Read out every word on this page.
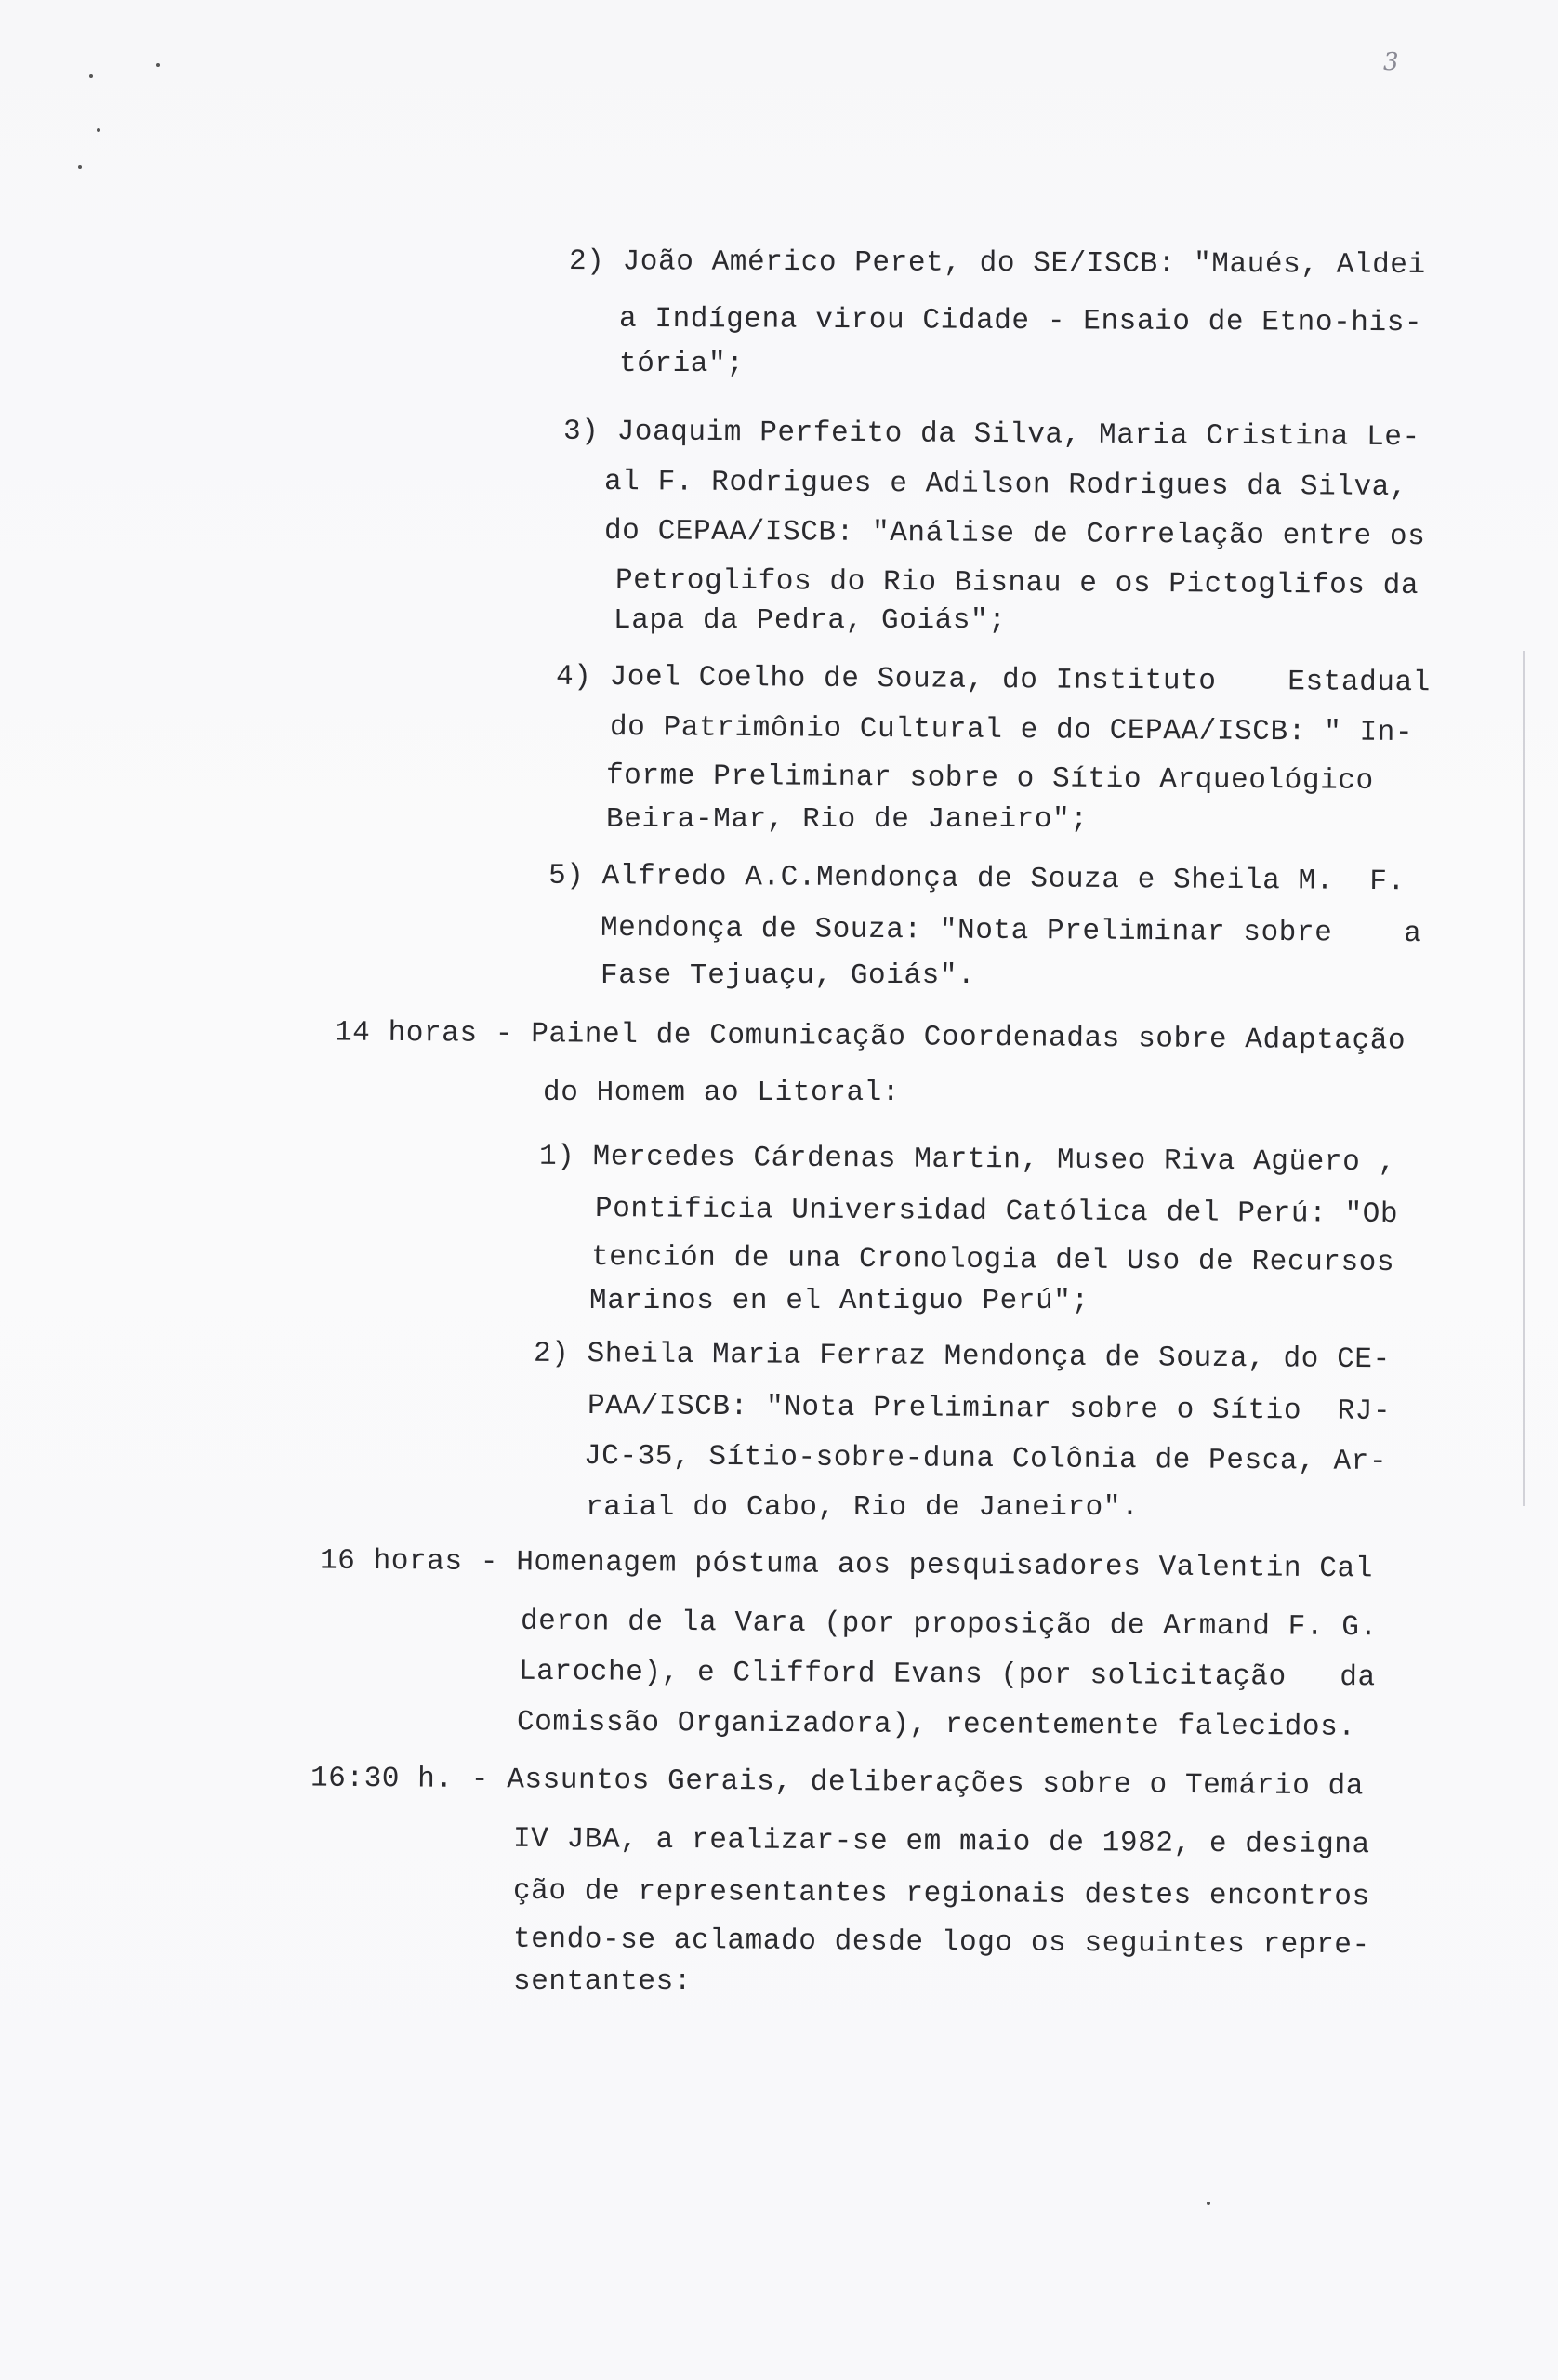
3
2) João Américo Peret, do SE/ISCB: "Maués, Aldei
a Indígena virou Cidade - Ensaio de Etno-his-
tória";
3) Joaquim Perfeito da Silva, Maria Cristina Le-
al F. Rodrigues e Adilson Rodrigues da Silva,
do CEPAA/ISCB: "Análise de Correlação entre os
Petroglifos do Rio Bisnau e os Pictoglifos da
Lapa da Pedra, Goiás";
4) Joel Coelho de Souza, do Instituto    Estadual
do Patrimônio Cultural e do CEPAA/ISCB: " In-
forme Preliminar sobre o Sítio Arqueológico
Beira-Mar, Rio de Janeiro";
5) Alfredo A.C.Mendonça de Souza e Sheila M.  F.
Mendonça de Souza: "Nota Preliminar sobre    a
Fase Tejuaçu, Goiás".
14 horas - Painel de Comunicação Coordenadas sobre Adaptação
do Homem ao Litoral:
1) Mercedes Cárdenas Martin, Museo Riva Agüero ,
Pontificia Universidad Católica del Perú: "Ob
tención de una Cronologia del Uso de Recursos
Marinos en el Antiguo Perú";
2) Sheila Maria Ferraz Mendonça de Souza, do CE-
PAA/ISCB: "Nota Preliminar sobre o Sítio  RJ-
JC-35, Sítio-sobre-duna Colônia de Pesca, Ar-
raial do Cabo, Rio de Janeiro".
16 horas - Homenagem póstuma aos pesquisadores Valentin Cal
deron de la Vara (por proposição de Armand F. G.
Laroche), e Clifford Evans (por solicitação   da
Comissão Organizadora), recentemente falecidos.
16:30 h. - Assuntos Gerais, deliberações sobre o Temário da
IV JBA, a realizar-se em maio de 1982, e designa
ção de representantes regionais destes encontros
tendo-se aclamado desde logo os seguintes repre-
sentantes:
